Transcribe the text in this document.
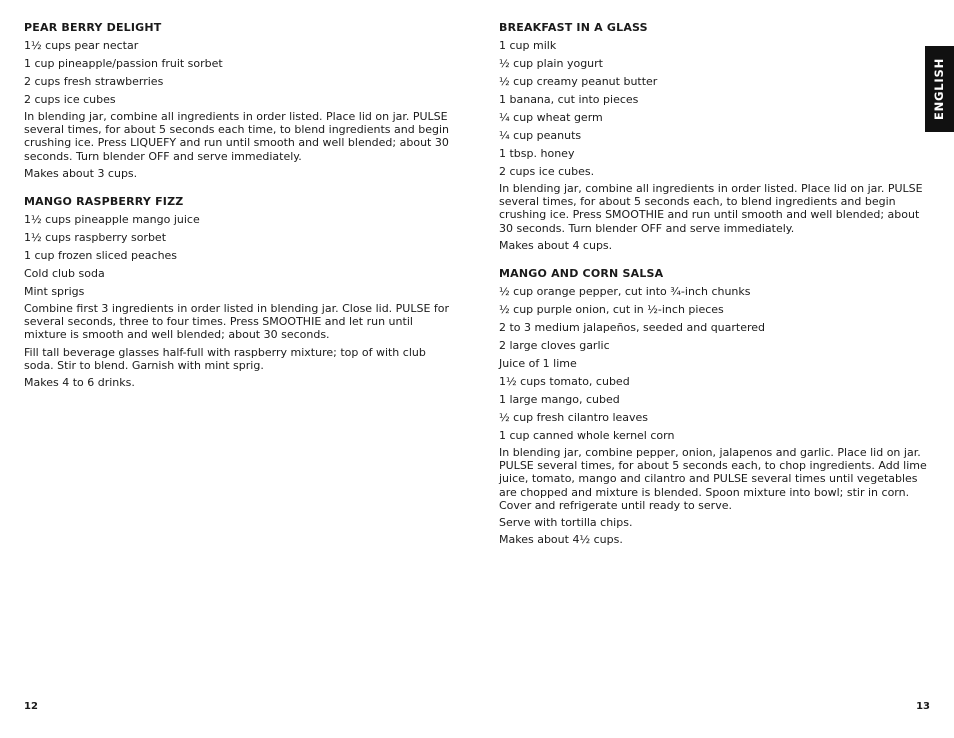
PEAR BERRY DELIGHT
1½ cups pear nectar
1 cup pineapple/passion fruit sorbet
2 cups fresh strawberries
2 cups ice cubes
In blending jar, combine all ingredients in order listed. Place lid on jar. PULSE several times, for about 5 seconds each time, to blend ingredients and begin crushing ice. Press LIQUEFY and run until smooth and well blended; about 30 seconds. Turn blender OFF and serve immediately.
Makes about 3 cups.
MANGO RASPBERRY FIZZ
1½ cups pineapple mango juice
1½ cups raspberry sorbet
1 cup frozen sliced peaches
Cold club soda
Mint sprigs
Combine first 3 ingredients in order listed in blending jar. Close lid. PULSE for several seconds, three to four times. Press SMOOTHIE and let run until mixture is smooth and well blended; about 30 seconds.
Fill tall beverage glasses half-full with raspberry mixture; top of with club soda. Stir to blend. Garnish with mint sprig.
Makes 4 to 6 drinks.
BREAKFAST IN A GLASS
1 cup milk
½ cup plain yogurt
½ cup creamy peanut butter
1 banana, cut into pieces
¼ cup wheat germ
¼ cup peanuts
1 tbsp. honey
2 cups ice cubes.
In blending jar, combine all ingredients in order listed. Place lid on jar. PULSE several times, for about 5 seconds each, to blend ingredients and begin crushing ice. Press SMOOTHIE and run until smooth and well blended; about 30 seconds. Turn blender OFF and serve immediately.
Makes about 4 cups.
MANGO AND CORN SALSA
½ cup orange pepper, cut into ¾-inch chunks
½ cup purple onion, cut in ½-inch pieces
2 to 3 medium jalapeños, seeded and quartered
2 large cloves garlic
Juice of 1 lime
1½ cups tomato, cubed
1 large mango, cubed
½ cup fresh cilantro leaves
1 cup canned whole kernel corn
In blending jar, combine pepper, onion, jalapenos and garlic. Place lid on jar. PULSE several times, for about 5 seconds each, to chop ingredients. Add lime juice, tomato, mango and cilantro and PULSE several times until vegetables are chopped and mixture is blended. Spoon mixture into bowl; stir in corn. Cover and refrigerate until ready to serve.
Serve with tortilla chips.
Makes about 4½ cups.
ENGLISH
12	13
